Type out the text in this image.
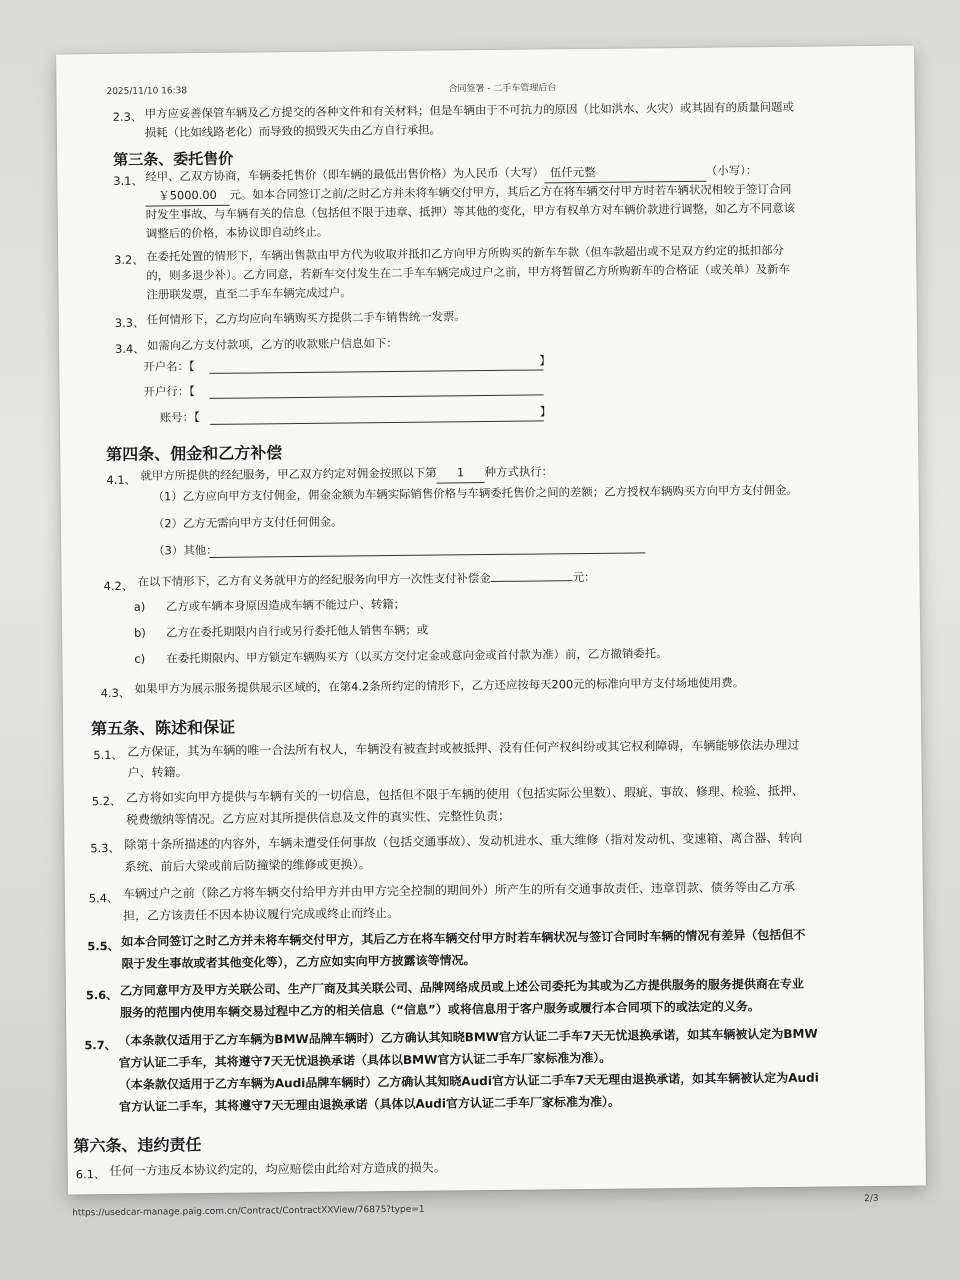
2025/11/10 16:38	合同签署 - 二手车管理后台
2.3、 甲方应妥善保管车辆及乙方提交的各种文件和有关材料；但是车辆由于不可抗力的原因（比如洪水、火灾）或其固有的质量问题或
损耗（比如线路老化）而导致的损毁灭失由乙方自行承担。
第三条、委托售价
3.1、 经甲、乙双方协商，车辆委托售价（即车辆的最低出售价格）为人民币（大写） 伍仟元整	（小写）：
￥5000.00 元。如本合同签订之前/之时乙方并未将车辆交付甲方，其后乙方在将车辆交付甲方时若车辆状况相较于签订合同
时发生事故、与车辆有关的信息（包括但不限于违章、抵押）等其他的变化，甲方有权单方对车辆价款进行调整，如乙方不同意该
调整后的价格，本协议即自动终止。
3.2、 在委托处置的情形下，车辆出售款由甲方代为收取并抵扣乙方向甲方所购买的新车车款（但车款超出或不足双方约定的抵扣部分
的，则多退少补）。乙方同意，若新车交付发生在二手车车辆完成过户之前，甲方将暂留乙方所购新车的合格证（或关单）及新车
注册联发票，直至二手车车辆完成过户。
3.3、 任何情形下，乙方均应向车辆购买方提供二手车销售统一发票。
3.4、 如需向乙方支付款项，乙方的收款账户信息如下：
开户名：【	】
开户行：【
账号：【	】
第四条、佣金和乙方补偿
4.1、 就甲方所提供的经纪服务，甲乙双方约定对佣金按照以下第 1 种方式执行：
（1）乙方应向甲方支付佣金，佣金金额为车辆实际销售价格与车辆委托售价之间的差额；乙方授权车辆购买方向甲方支付佣金。
（2）乙方无需向甲方支付任何佣金。
（3）其他：
4.2、 在以下情形下，乙方有义务就甲方的经纪服务向甲方一次性支付补偿金	元：
a) 乙方或车辆本身原因造成车辆不能过户、转籍；
b) 乙方在委托期限内自行或另行委托他人销售车辆；或
c) 在委托期限内、甲方锁定车辆购买方（以买方交付定金或意向金或首付款为准）前，乙方撤销委托。
4.3、 如果甲方为展示服务提供展示区域的，在第4.2条所约定的情形下，乙方还应按每天200元的标准向甲方支付场地使用费。
第五条、陈述和保证
5.1、 乙方保证，其为车辆的唯一合法所有权人，车辆没有被查封或被抵押、没有任何产权纠纷或其它权利障碍，车辆能够依法办理过
户、转籍。
5.2、 乙方将如实向甲方提供与车辆有关的一切信息，包括但不限于车辆的使用（包括实际公里数）、瑕疵、事故、修理、检验、抵押、
税费缴纳等情况。乙方应对其所提供信息及文件的真实性、完整性负责；
5.3、 除第十条所描述的内容外，车辆未遭受任何事故（包括交通事故）、发动机进水、重大维修（指对发动机、变速箱、离合器、转向
系统、前后大梁或前后防撞梁的维修或更换）。
5.4、 车辆过户之前（除乙方将车辆交付给甲方并由甲方完全控制的期间外）所产生的所有交通事故责任、违章罚款、债务等由乙方承
担，乙方该责任不因本协议履行完成或终止而终止。
5.5、 如本合同签订之时乙方并未将车辆交付甲方，其后乙方在将车辆交付甲方时若车辆状况与签订合同时车辆的情况有差异（包括但不
限于发生事故或者其他变化等），乙方应如实向甲方披露该等情况。
5.6、 乙方同意甲方及甲方关联公司、生产厂商及其关联公司、品牌网络成员或上述公司委托为其或为乙方提供服务的服务提供商在专业
服务的范围内使用车辆交易过程中乙方的相关信息（“信息”）或将信息用于客户服务或履行本合同项下的或法定的义务。
5.7、 （本条款仅适用于乙方车辆为BMW品牌车辆时）乙方确认其知晓BMW官方认证二手车7天无忧退换承诺，如其车辆被认定为BMW
官方认证二手车，其将遵守7天无忧退换承诺（具体以BMW官方认证二手车厂家标准为准）。
（本条款仅适用于乙方车辆为Audi品牌车辆时）乙方确认其知晓Audi官方认证二手车7天无理由退换承诺，如其车辆被认定为Audi
官方认证二手车，其将遵守7天无理由退换承诺（具体以Audi官方认证二手车厂家标准为准）。
第六条、违约责任
6.1、 任何一方违反本协议约定的，均应赔偿由此给对方造成的损失。
https://usedcar-manage.paig.com.cn/Contract/ContractXXView/76875?type=1
2/3
